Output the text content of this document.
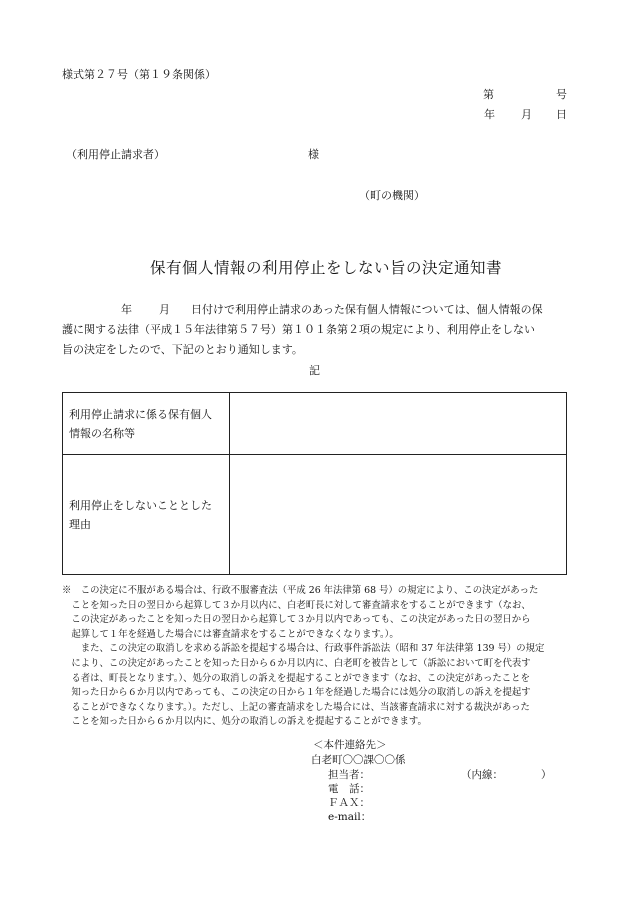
様式第２７号（第１９条関係）
第	号
年 月 日
（利用停止請求者）	様
（町の機関）
保有個人情報の利用停止をしない旨の決定通知書
年 月 日付けで利用停止請求のあった保有個人情報については、個人情報の保
護に関する法律（平成１５年法律第５７号）第１０１条第２項の規定により、利用停止をしない
旨の決定をしたので、下記のとおり通知します。
記
利用停止請求に係る保有個人
情報の名称等	

利用停止をしないこととした
理由	

※　この決定に不服がある場合は、行政不服審査法（平成 26 年法律第 68 号）の規定により、この決定があった
　ことを知った日の翌日から起算して３か月以内に、白老町長に対して審査請求をすることができます（なお、
　この決定があったことを知った日の翌日から起算して３か月以内であっても、この決定があった日の翌日から
　起算して１年を経過した場合には審査請求をすることができなくなります。）。
　　また、この決定の取消しを求める訴訟を提起する場合は、行政事件訴訟法（昭和 37 年法律第 139 号）の規定
　により、この決定があったことを知った日から６か月以内に、白老町を被告として（訴訟において町を代表す
　る者は、町長となります。）、処分の取消しの訴えを提起することができます（なお、この決定があったことを
　知った日から６か月以内であっても、この決定の日から１年を経過した場合には処分の取消しの訴えを提起す
　ることができなくなります。）。ただし、上記の審査請求をした場合には、当該審査請求に対する裁決があった
　ことを知った日から６か月以内に、処分の取消しの訴えを提起することができます。
＜本件連絡先＞
白老町〇〇課〇〇係
担当者：	（内線：	）
電　話：
ＦＡＸ：
e-mail：
